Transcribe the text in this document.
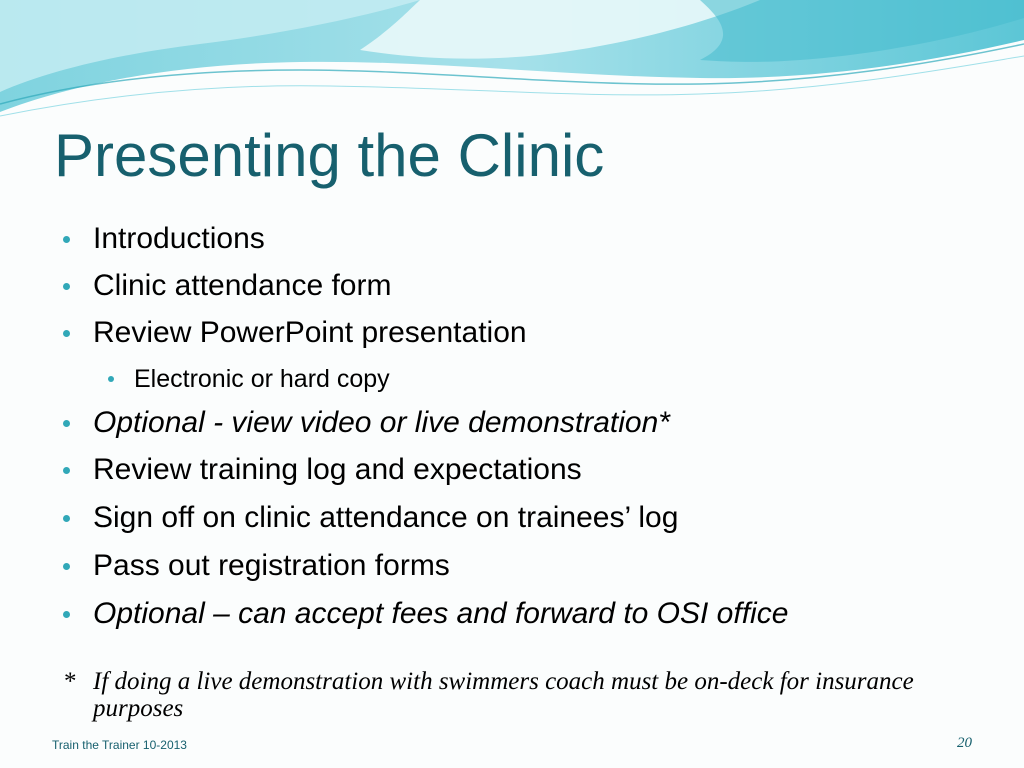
Presenting the Clinic
Introductions
Clinic attendance form
Review PowerPoint presentation
Electronic or hard copy
Optional - view video or live demonstration*
Review training log and expectations
Sign off on clinic attendance on trainees’ log
Pass out registration forms
Optional – can accept fees and forward to OSI office
* If doing a live demonstration with swimmers coach must be on-deck for insurance purposes
Train the Trainer 10-2013	20
